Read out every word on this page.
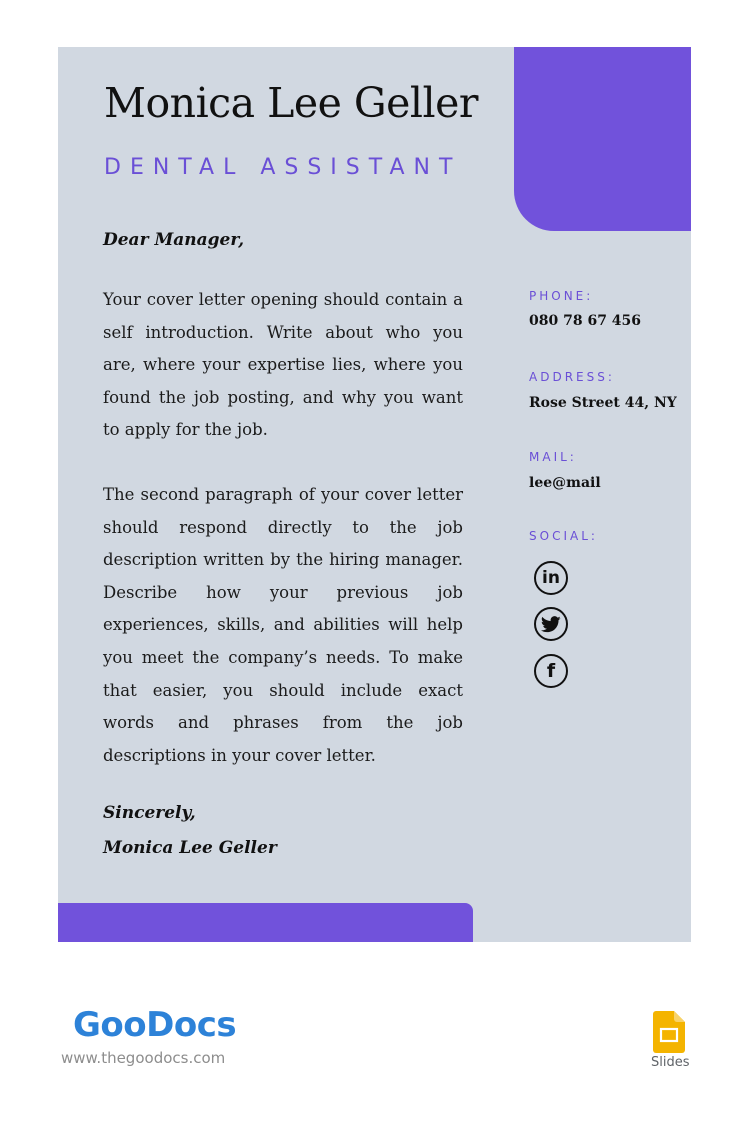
Monica Lee Geller
DENTAL ASSISTANT
Dear Manager,

Your cover letter opening should contain a self introduction. Write about who you are, where your expertise lies, where you found the job posting, and why you want to apply for the job.

The second paragraph of your cover letter should respond directly to the job description written by the hiring manager. Describe how your previous job experiences, skills, and abilities will help you meet the company’s needs. To make that easier, you should include exact words and phrases from the job descriptions in your cover letter.

Sincerely,
Monica Lee Geller
PHONE:
080 78 67 456
ADDRESS:
Rose Street 44, NY
MAIL:
lee@mail
SOCIAL:
in
f
GooDocs
www.thegoodocs.com	Slides
